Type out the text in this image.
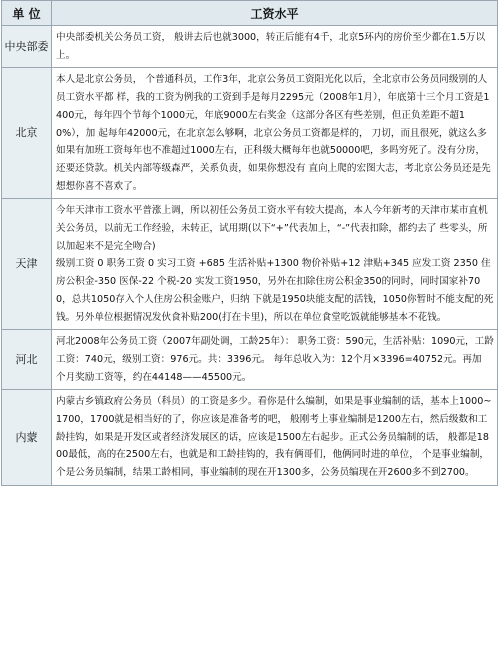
单 位	工资水平
中央部委	中央部委机关公务员工资， 般讲去后也就3000，转正后能有4千，北京5环内的房价至少都在1.5万以上。

北京	本人是北京公务员， 个普通科员，工作3年，北京公务员工资阳光化以后，全北京市公务员同级别的人员工资水平都 样，我的工资为例我的工资到手是每月2295元（2008年1月），年底第十三个月工资是1400元，每年四个节每个1000元，年底9000左右奖金（这部分各区有些差别，但正负差距不超10%），加 起每年42000元，在北京怎么够啊，北京公务员工资都是样的， 刀切，而且很死，就这么多如果有加班工资每年也不准超过1000左右，正科级大概每年也就50000吧，多吗穷死了。没有分房，还要还贷款。机关内部等级森严，关系负责，如果你想没有 直向上爬的宏图大志，考北京公务员还是先想想你喜不喜欢了。

天津	今年天津市工资水平普涨上调，所以初任公务员工资水平有较大提高，本人今年新考的天津市某市直机关公务员，以前无工作经验，未转正，试用期(以下“+”代表加上，“-”代表扣除，都约去了 些零头，所以加起来不是完全吻合)

级别工资 0 职务工资 0 实习工资 +685 生活补贴+1300 物价补贴+12 津贴+345 应发工资 2350 住房公积金-350 医保-22 个税-20 实发工资1950，另外在扣除住房公积金350的同时，同时国家补700，总共1050存入个人住房公积金账户，归纳 下就是1950块能支配的活钱，1050你暂时不能支配的死钱。另外单位根据情况发伙食补贴200(打在卡里)，所以在单位食堂吃饭就能够基本不花钱。

河北	河北2008年公务员工资（2007年副处调，工龄25年）： 职务工资：590元，生活补贴：1090元，工龄工资：740元，级别工资：976元。共：3396元。 每年总收入为：12个月×3396=40752元。再加 个月奖励工资等，约在44148——45500元。

内蒙	内蒙古乡镇政府公务员（科员）的工资是多少。看你是什么编制，如果是事业编制的话，基本上1000~1700，1700就是相当好的了，你应该是准备考的吧， 般刚考上事业编制是1200左右，然后级数和工龄挂钩，如果是开发区或者经济发展区的话，应该是1500左右起步。正式公务员编制的话， 般都是1800最低，高的在2500左右，也就是和工龄挂钩的，我有俩哥们，他俩同时进的单位， 个是事业编制， 个是公务员编制，结果工龄相同，事业编制的现在开1300多，公务员编现在开2600多不到2700。
